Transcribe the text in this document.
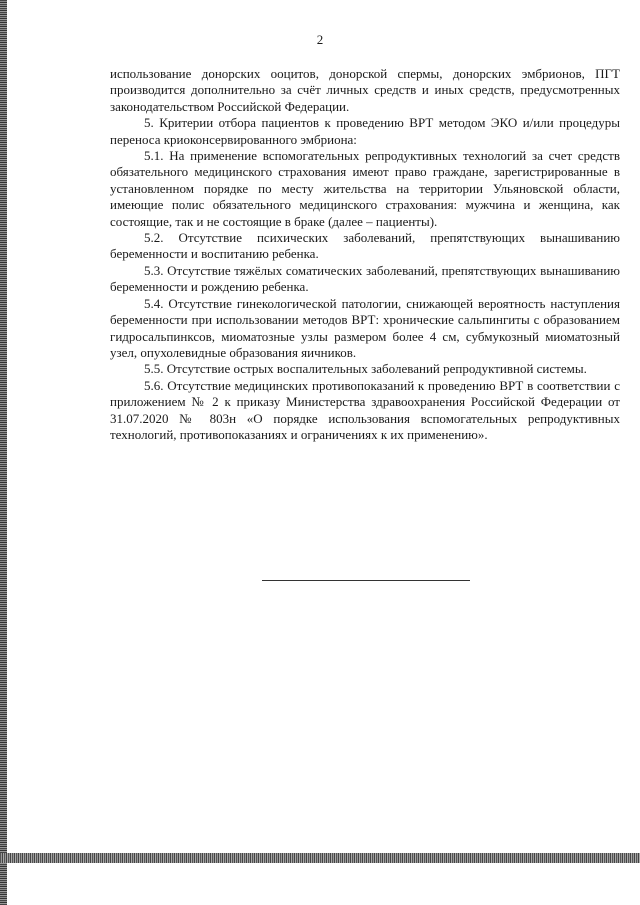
2

использование донорских ооцитов, донорской спермы, донорских эмбрионов, ПГТ производится дополнительно за счёт личных средств и иных средств, предусмотренных законодательством Российской Федерации.

5. Критерии отбора пациентов к проведению ВРТ методом ЭКО и/или процедуры переноса криоконсервированного эмбриона:

5.1. На применение вспомогательных репродуктивных технологий за счет средств обязательного медицинского страхования имеют право граждане, зарегистрированные в установленном порядке по месту жительства на территории Ульяновской области, имеющие полис обязательного медицинского страхования: мужчина и женщина, как состоящие, так и не состоящие в браке (далее – пациенты).

5.2. Отсутствие психических заболеваний, препятствующих вынашиванию беременности и воспитанию ребенка.

5.3. Отсутствие тяжёлых соматических заболеваний, препятствующих вынашиванию беременности и рождению ребенка.

5.4. Отсутствие гинекологической патологии, снижающей вероятность наступления беременности при использовании методов ВРТ: хронические сальпингиты с образованием гидросальпинксов, миоматозные узлы размером более 4 см, субмукозный миоматозный узел, опухолевидные образования яичников.

5.5. Отсутствие острых воспалительных заболеваний репродуктивной системы.

5.6. Отсутствие медицинских противопоказаний к проведению ВРТ в соответствии с приложением № 2 к приказу Министерства здравоохранения Российской Федерации от 31.07.2020 № 803н «О порядке использования вспомогательных репродуктивных технологий, противопоказаниях и ограничениях к их применению».
